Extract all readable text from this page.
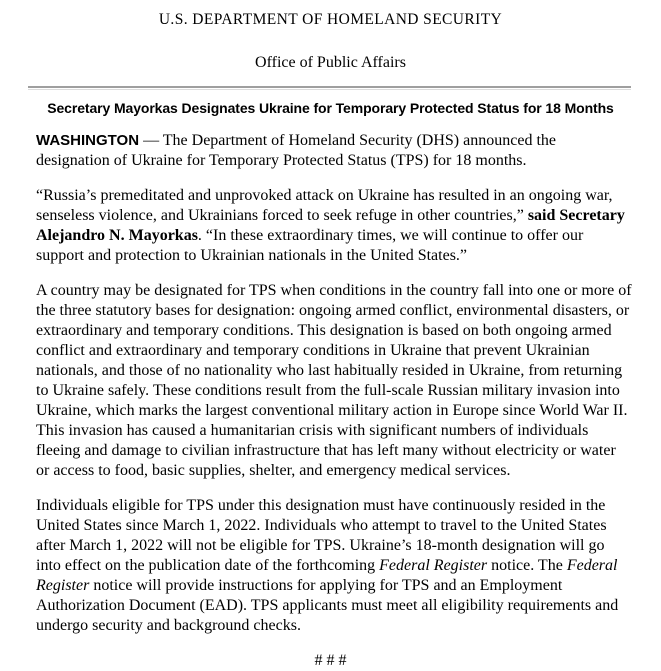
U.S. DEPARTMENT OF HOMELAND SECURITY
Office of Public Affairs
Secretary Mayorkas Designates Ukraine for Temporary Protected Status for 18 Months

WASHINGTON — The Department of Homeland Security (DHS) announced the designation of Ukraine for Temporary Protected Status (TPS) for 18 months.

“Russia’s premeditated and unprovoked attack on Ukraine has resulted in an ongoing war, senseless violence, and Ukrainians forced to seek refuge in other countries,” said Secretary Alejandro N. Mayorkas. “In these extraordinary times, we will continue to offer our support and protection to Ukrainian nationals in the United States.”

A country may be designated for TPS when conditions in the country fall into one or more of the three statutory bases for designation: ongoing armed conflict, environmental disasters, or extraordinary and temporary conditions. This designation is based on both ongoing armed conflict and extraordinary and temporary conditions in Ukraine that prevent Ukrainian nationals, and those of no nationality who last habitually resided in Ukraine, from returning to Ukraine safely. These conditions result from the full-scale Russian military invasion into Ukraine, which marks the largest conventional military action in Europe since World War II. This invasion has caused a humanitarian crisis with significant numbers of individuals fleeing and damage to civilian infrastructure that has left many without electricity or water or access to food, basic supplies, shelter, and emergency medical services.

Individuals eligible for TPS under this designation must have continuously resided in the United States since March 1, 2022. Individuals who attempt to travel to the United States after March 1, 2022 will not be eligible for TPS. Ukraine’s 18-month designation will go into effect on the publication date of the forthcoming Federal Register notice. The Federal Register notice will provide instructions for applying for TPS and an Employment Authorization Document (EAD). TPS applicants must meet all eligibility requirements and undergo security and background checks.

# # #
